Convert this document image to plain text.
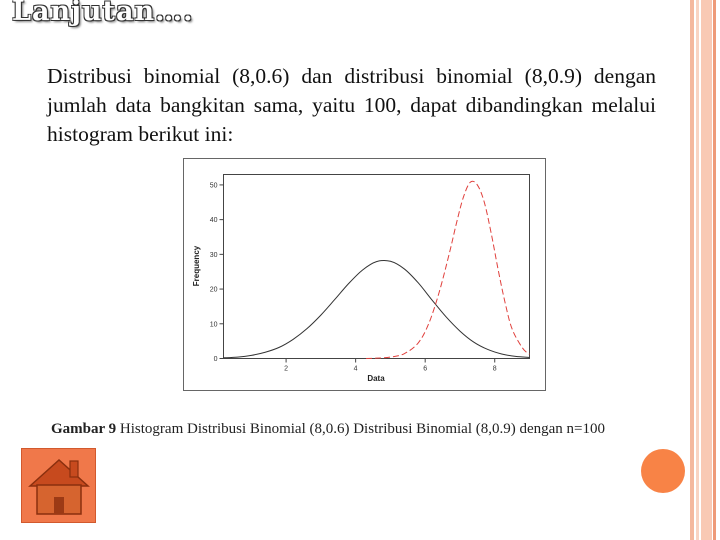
Lanjutan….

Distribusi binomial (8,0.6) dan distribusi binomial (8,0.9) dengan jumlah data bangkitan sama, yaitu 100, dapat dibandingkan melalui histogram berikut ini:

0
10
20
30
40
50
2	4	6	8
Data
Frequency
Gambar 9 Histogram Distribusi Binomial (8,0.6) Distribusi Binomial (8,0.9) dengan n=100
